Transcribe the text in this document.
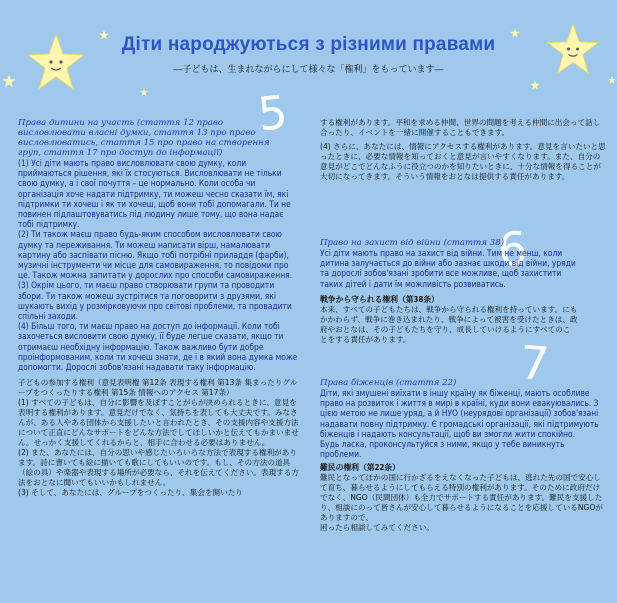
Діти народжуються з різними правами
―子どもは、生まれながらにして様々な「権利」をもっています―
5
6
7

Права дитини на участь (стаття 12 право висловлювати власні думки, стаття 13 про право висловлюватись, стаття 15 про право на створення груп, стаття 17 про доступ до інформації)

(1) Усі діти мають право висловлювати свою думку, коли приймаються рішення, які їх стосуються. Висловлювати не тільки свою думку, а і свої почуття – це нормально. Коли особа чи організація хоче надати підтримку, ти можеш чесно сказати їм, які підтримки ти хочеш і як ти хочеш, щоб вони тобі допомагали. Ти не повинен підлаштовуватись під людину лише тому, що вона надає тобі підтримку.

(2) Ти також маєш право будь-яким способом висловлювати свою думку та переживання. Ти можеш написати вірш, намалювати картину або заспівати пісню. Якщо тобі потрібні приладдя (фарби), музичні інструменти чи місце для самовираження, то повідоми про це. Також можна запитати у дорослих про способи самовираження.

(3) Окрім цього, ти маєш право створювати групи та проводити збори. Ти також можеш зустрітися та поговорити з друзями, які шукають вихід у розмірковуючи про світові проблеми, та провадити спільні заходи.

(4) Більш того, ти маєш право на доступ до інформації. Коли тобі захочеться висловити свою думку, її буде легше сказати, якщо ти отримаєш необхідну інформацію. Також важливо бути добре проінформованим, коли ти хочеш знати, де і в який вона думка може допомогти. Дорослі зобов'язані надавати таку інформацію.

子どもの参加する権利（意見表明権 第12条 表現する権利 第13条 集まったりグループをつくったりする権利 第15条 情報へのアクセス 第17条）

(1) すべての子どもは、自分に影響を及ぼすことがらが決められるときに、意見を表明する権利があります。意見だけでなく、気持ちを表しても大丈夫です。みなさんが、ある人やある団体から支援したいと言われたとき、その支援内容や支援方法について正直にどんなサポートをどんな方法でしてほしいかと伝えてもかまいません。せっかく支援してくれるからと、相手に合わせる必要はありません。

(2) また、あなたには、自分の思いや感じたいろいろな方法で表現する権利があります。詩に書いても絵に描いても歌にしてもいいのです。もし、その方法の道具（絵の具）や楽器や表現する場所が必要なら、それを伝えてください。表現する方法をおとなに聞いてもいいかもしれません。

(3) そして、あなたには、グループをつくったり、集会を開いたり

する権利があります。平和を求める仲間、世界の問題を考える仲間に出会って話し合ったり、イベントを一緒に開催することもできます。

(4) さらに、あなたには、情報にアクセスする権利があります。意見を言いたいと思ったときに、必要な情報を知っておくと意見が言いやすくなります。また、自分の意見がどこでどんなふうに役立つのかを知りたいときに、十分な情報を得ることが大切になってきます。そういう情報をおとなは提供する責任があります。

Право на захист від війни (стаття 38)

Усі діти мають право на захист від війни. Тим не менш, коли дитина залучається до війни або зазнає шкоди від війни, уряди та дорослі зобов'язані зробити все можливе, щоб захистити таких дітей і дати їм можливість розвиватись.

戦争から守られる権利（第38条）

本来、すべての子どもたちは、戦争から守られる権利を持っています。にもかかわらず、戦争に巻き込まれたり、戦争によって被害を受けたときは、政府やおとなは、その子どもたちを守り、成長していけるようにすべてのことをする責任があります。

Права біженців (стаття 22)

Діти, які змушені виїхати в іншу країну як біженці, мають особливе право на розвиток і життя в мирі в країні, куди вони евакуювались. З цією метою не лише уряд, а й НУО (неурядові організації) зобов'язані надавати повну підтримку. Є громадські організації, які підтримують біженців і надають консультації, щоб ви змогли жити спокійно.

Будь ласка, проконсультуйся з ними, якщо у тебе виникнуть проблеми.

難民の権利（第22条）

難民となってほかの国に行かざるをえなくなった子どもは、逃れた先の国で安心して育ち、暮らせるようにしてもらえる特別の権利があります。そのために政府だけでなく、NGO（民間団体）も全力でサポートする責任があります。難民を支援したり、相談にのって皆さんが安心して暮らせるようになることを応援しているNGOがありますので、

困ったら相談してみてください。
